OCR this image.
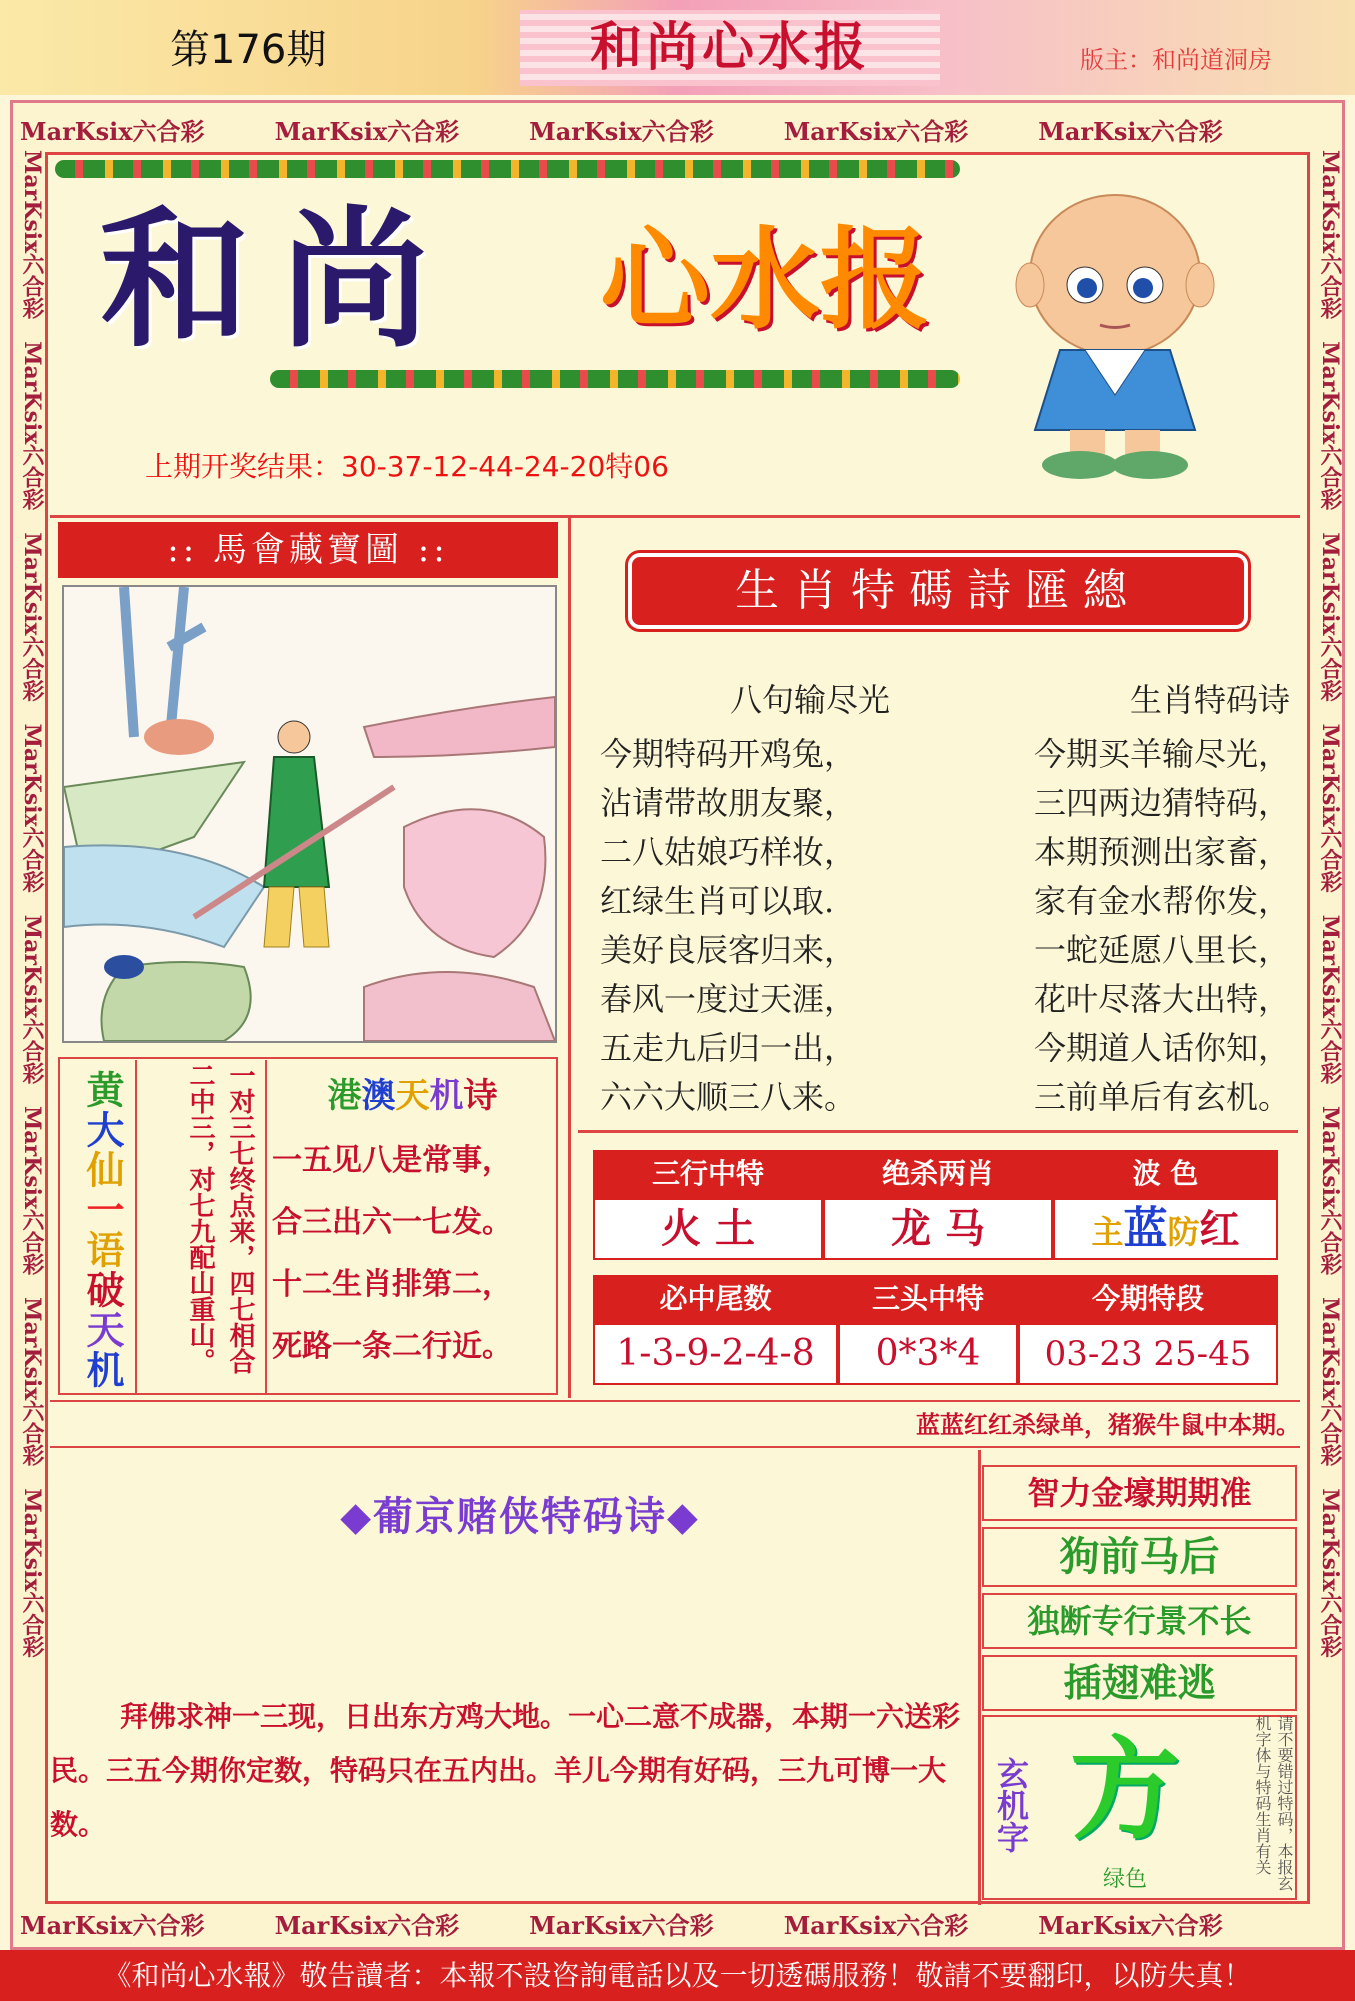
第176期	和尚心水报	版主：和尚道洞房
MarKsix六合彩	MarKsix六合彩	MarKsix六合彩	MarKsix六合彩	MarKsix六合彩
MarKsix六合彩	MarKsix六合彩	MarKsix六合彩	MarKsix六合彩	MarKsix六合彩
MarKsix六合彩　MarKsix六合彩　MarKsix六合彩　MarKsix六合彩　MarKsix六合彩　MarKsix六合彩　MarKsix六合彩　MarKsix六合彩
MarKsix六合彩　MarKsix六合彩　MarKsix六合彩　MarKsix六合彩　MarKsix六合彩　MarKsix六合彩　MarKsix六合彩　MarKsix六合彩
和尚	心水报
上期开奖结果：30-37-12-44-24-20特06
:: 馬會藏寶圖 ::
黄大仙一语破天机	一对三七终点来，四七相合二中三，对七九配山重山。	港澳天机诗
一五见八是常事，
合三出六一七发。
十二生肖排第二，
死路一条二行近。
生肖特碼詩匯總
八句输尽光	生肖特码诗
今期特码开鸡兔，
沾请带故朋友聚，
二八姑娘巧样妆，
红绿生肖可以取.
美好良辰客归来，
春风一度过天涯，
五走九后归一出，
六六大顺三八来。
今期买羊输尽光，
三四两边猜特码，
本期预测出家畜，
家有金水帮你发，
一蛇延愿八里长，
花叶尽落大出特，
今期道人话你知，
三前单后有玄机。
三行中特	绝杀两肖	波 色
火 土	龙 马	主蓝防红
必中尾数	三头中特	今期特段
1-3-9-2-4-8	0*3*4	03-23 25-45
蓝蓝红红杀绿单，猪猴牛鼠中本期。
◆葡京赌侠特码诗◆
拜佛求神一三现，日出东方鸡大地。一心二意不成器，本期一六送彩民。三五今期你定数，特码只在五内出。羊儿今期有好码，三九可博一大数。
智力金壕期期准
狗前马后
独断专行景不长
插翅难逃
玄机字 方
绿色	请不要错过特码，本报玄机字体与特码生肖有关
《和尚心水報》敬告讀者：本報不設咨詢電話以及一切透碼服務！敬請不要翻印，以防失真！
